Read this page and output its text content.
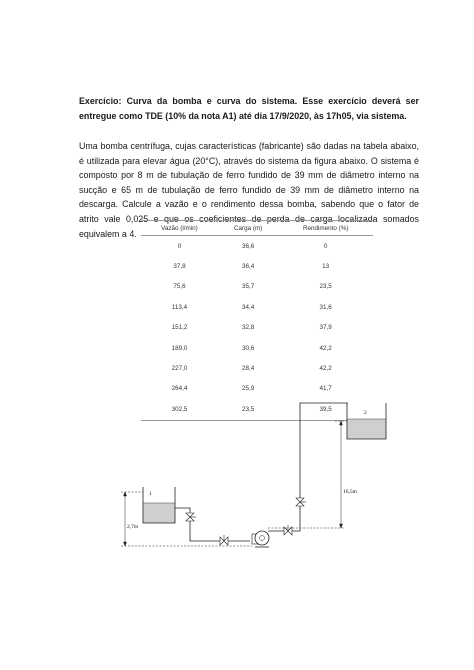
Exercício: Curva da bomba e curva do sistema. Esse exercício deverá ser entregue como TDE (10% da nota A1) até dia 17/9/2020, às 17h05, via sistema.
Uma bomba centrífuga, cujas características (fabricante) são dadas na tabela abaixo, é utilizada para elevar água (20°C), através do sistema da figura abaixo. O sistema é composto por 8 m de tubulação de ferro fundido de 39 mm de diâmetro interno na sucção e 65 m de tubulação de ferro fundido de 39 mm de diâmetro interno na descarga. Calcule a vazão e o rendimento dessa bomba, sabendo que o fator de atrito vale 0,025 e que os coeficientes de perda de carga localizada somados equivalem a 4.
Vazão (l/min)	Carga (m)	Rendimento (%)
0	36,6	0
37,8	36,4	13
75,6	35,7	23,5
113,4	34,4	31,6
151,2	32,8	37,9
189,0	30,6	42,2
227,0	28,4	42,2
264,4	25,9	41,7
302,5	23,5	39,5
1
2
2,7m
16,5m
